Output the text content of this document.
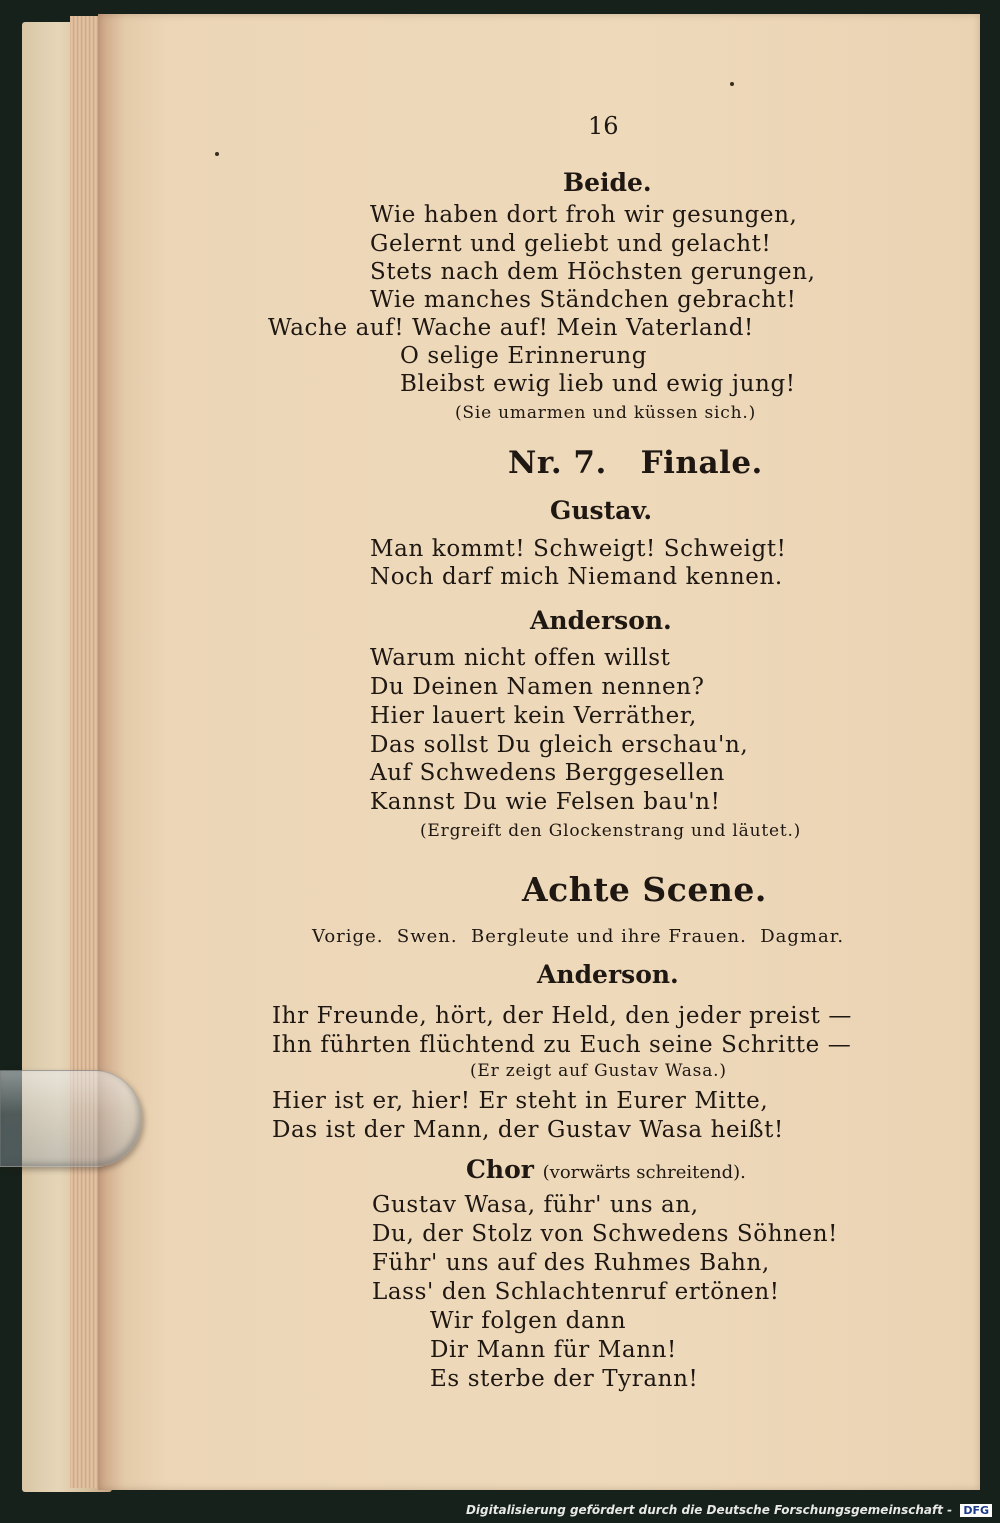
16
Beide.
Wie haben dort froh wir gesungen,
Gelernt und geliebt und gelacht!
Stets nach dem Höchsten gerungen,
Wie manches Ständchen gebracht!
Wache auf! Wache auf! Mein Vaterland!
O selige Erinnerung
Bleibst ewig lieb und ewig jung!
(Sie umarmen und küssen sich.)
Nr. 7.   Finale.
Gustav.
Man kommt! Schweigt! Schweigt!
Noch darf mich Niemand kennen.
Anderson.
Warum nicht offen willst
Du Deinen Namen nennen?
Hier lauert kein Verräther,
Das sollst Du gleich erschau'n,
Auf Schwedens Berggesellen
Kannst Du wie Felsen bau'n!
(Ergreift den Glockenstrang und läutet.)
Achte Scene.
Vorige.  Swen.  Bergleute und ihre Frauen.  Dagmar.
Anderson.
Ihr Freunde, hört, der Held, den jeder preist —
Ihn führten flüchtend zu Euch seine Schritte —
(Er zeigt auf Gustav Wasa.)
Hier ist er, hier! Er steht in Eurer Mitte,
Das ist der Mann, der Gustav Wasa heißt!
Chor (vorwärts schreitend).
Gustav Wasa, führ' uns an,
Du, der Stolz von Schwedens Söhnen!
Führ' uns auf des Ruhmes Bahn,
Lass' den Schlachtenruf ertönen!
Wir folgen dann
Dir Mann für Mann!
Es sterbe der Tyrann!
Digitalisierung gefördert durch die Deutsche Forschungsgemeinschaft - DFG
